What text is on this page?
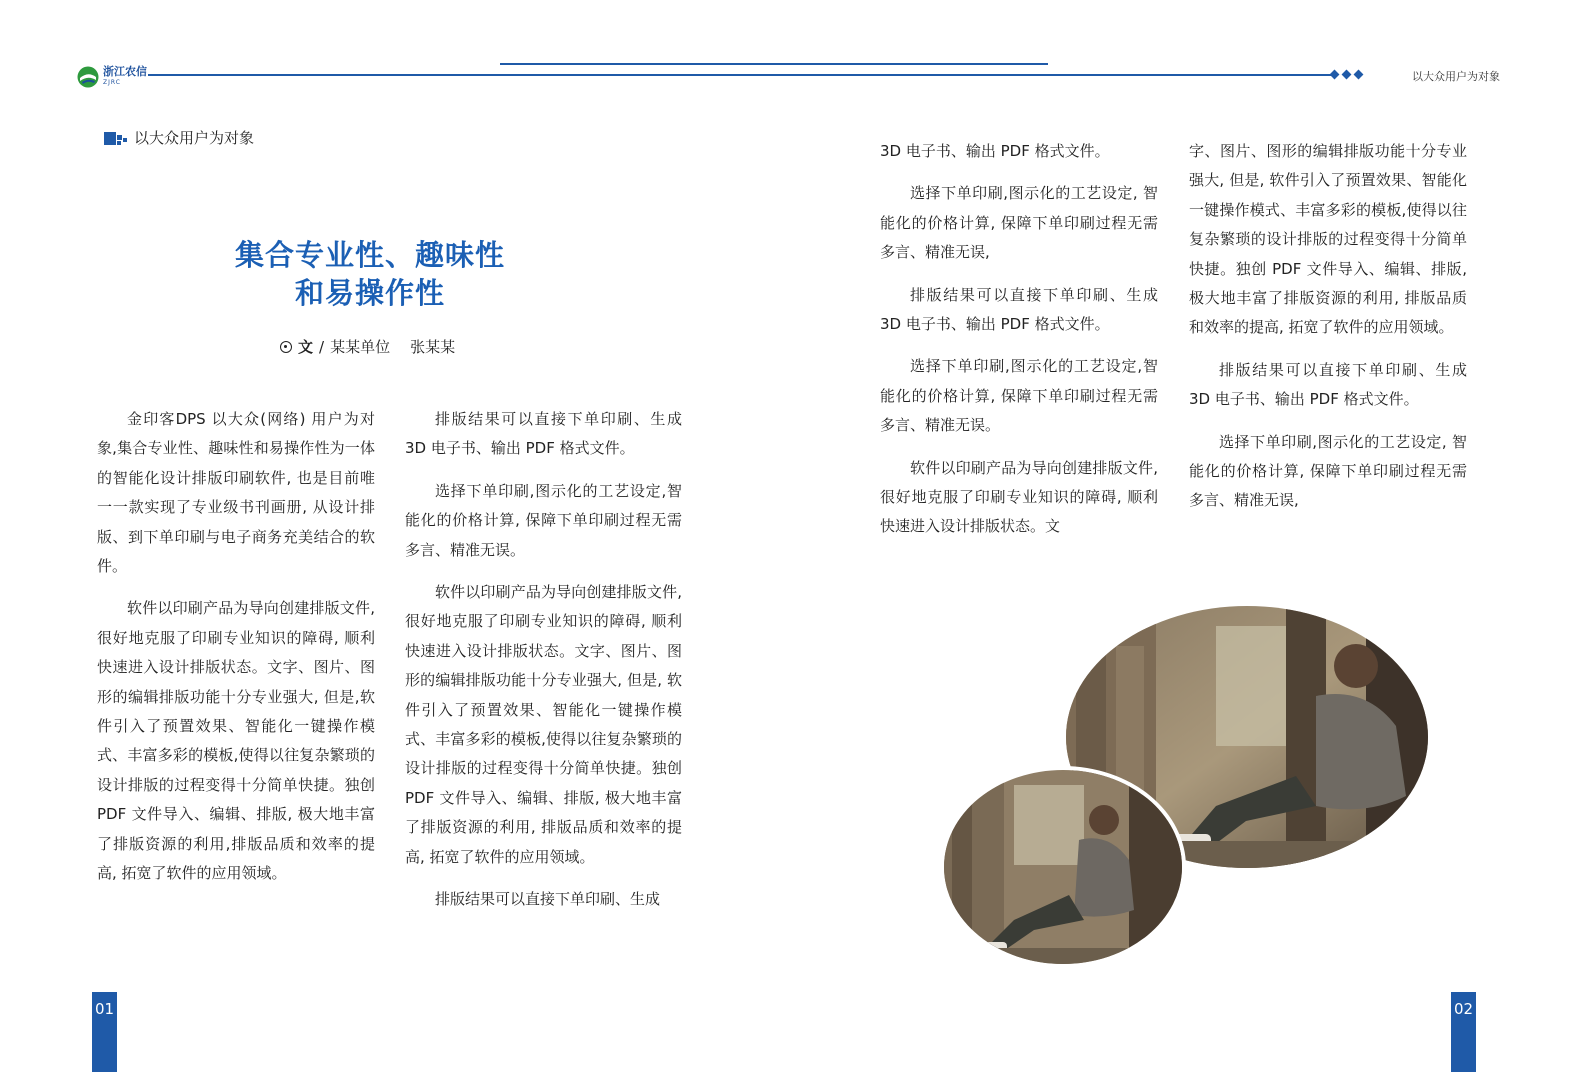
浙江农信
ZJRC	以大众用户为对象
以大众用户为对象
集合专业性、趣味性
和易操作性
文 / 某某单位 张某某

金印客DPS 以大众(网络) 用户为对象,集合专业性、趣味性和易操作性为一体的智能化设计排版印刷软件, 也是目前唯一一款实现了专业级书刊画册, 从设计排版、到下单印刷与电子商务充美结合的软件。

软件以印刷产品为导向创建排版文件, 很好地克服了印刷专业知识的障碍, 顺利快速进入设计排版状态。文字、图片、图形的编辑排版功能十分专业强大, 但是,软件引入了预置效果、智能化一键操作模式、丰富多彩的模板,使得以往复杂繁琐的设计排版的过程变得十分简单快捷。独创 PDF 文件导入、编辑、排版, 极大地丰富了排版资源的利用,排版品质和效率的提高, 拓宽了软件的应用领域。

排版结果可以直接下单印刷、生成 3D 电子书、输出 PDF 格式文件。

选择下单印刷,图示化的工艺设定,智能化的价格计算, 保障下单印刷过程无需多言、精准无误。

软件以印刷产品为导向创建排版文件, 很好地克服了印刷专业知识的障碍, 顺利快速进入设计排版状态。文字、图片、图形的编辑排版功能十分专业强大, 但是, 软件引入了预置效果、智能化一键操作模式、丰富多彩的模板,使得以往复杂繁琐的设计排版的过程变得十分简单快捷。独创 PDF 文件导入、编辑、排版, 极大地丰富了排版资源的利用, 排版品质和效率的提高, 拓宽了软件的应用领域。

排版结果可以直接下单印刷、生成

3D 电子书、输出 PDF 格式文件。

选择下单印刷,图示化的工艺设定, 智能化的价格计算, 保障下单印刷过程无需多言、精准无误,

排版结果可以直接下单印刷、生成 3D 电子书、输出 PDF 格式文件。

选择下单印刷,图示化的工艺设定,智能化的价格计算, 保障下单印刷过程无需多言、精准无误。

软件以印刷产品为导向创建排版文件, 很好地克服了印刷专业知识的障碍, 顺利快速进入设计排版状态。文

字、图片、图形的编辑排版功能十分专业强大, 但是, 软件引入了预置效果、智能化一键操作模式、丰富多彩的模板,使得以往复杂繁琐的设计排版的过程变得十分简单快捷。独创 PDF 文件导入、编辑、排版, 极大地丰富了排版资源的利用, 排版品质和效率的提高, 拓宽了软件的应用领域。

排版结果可以直接下单印刷、生成 3D 电子书、输出 PDF 格式文件。

选择下单印刷,图示化的工艺设定, 智能化的价格计算, 保障下单印刷过程无需多言、精准无误,

01	02
